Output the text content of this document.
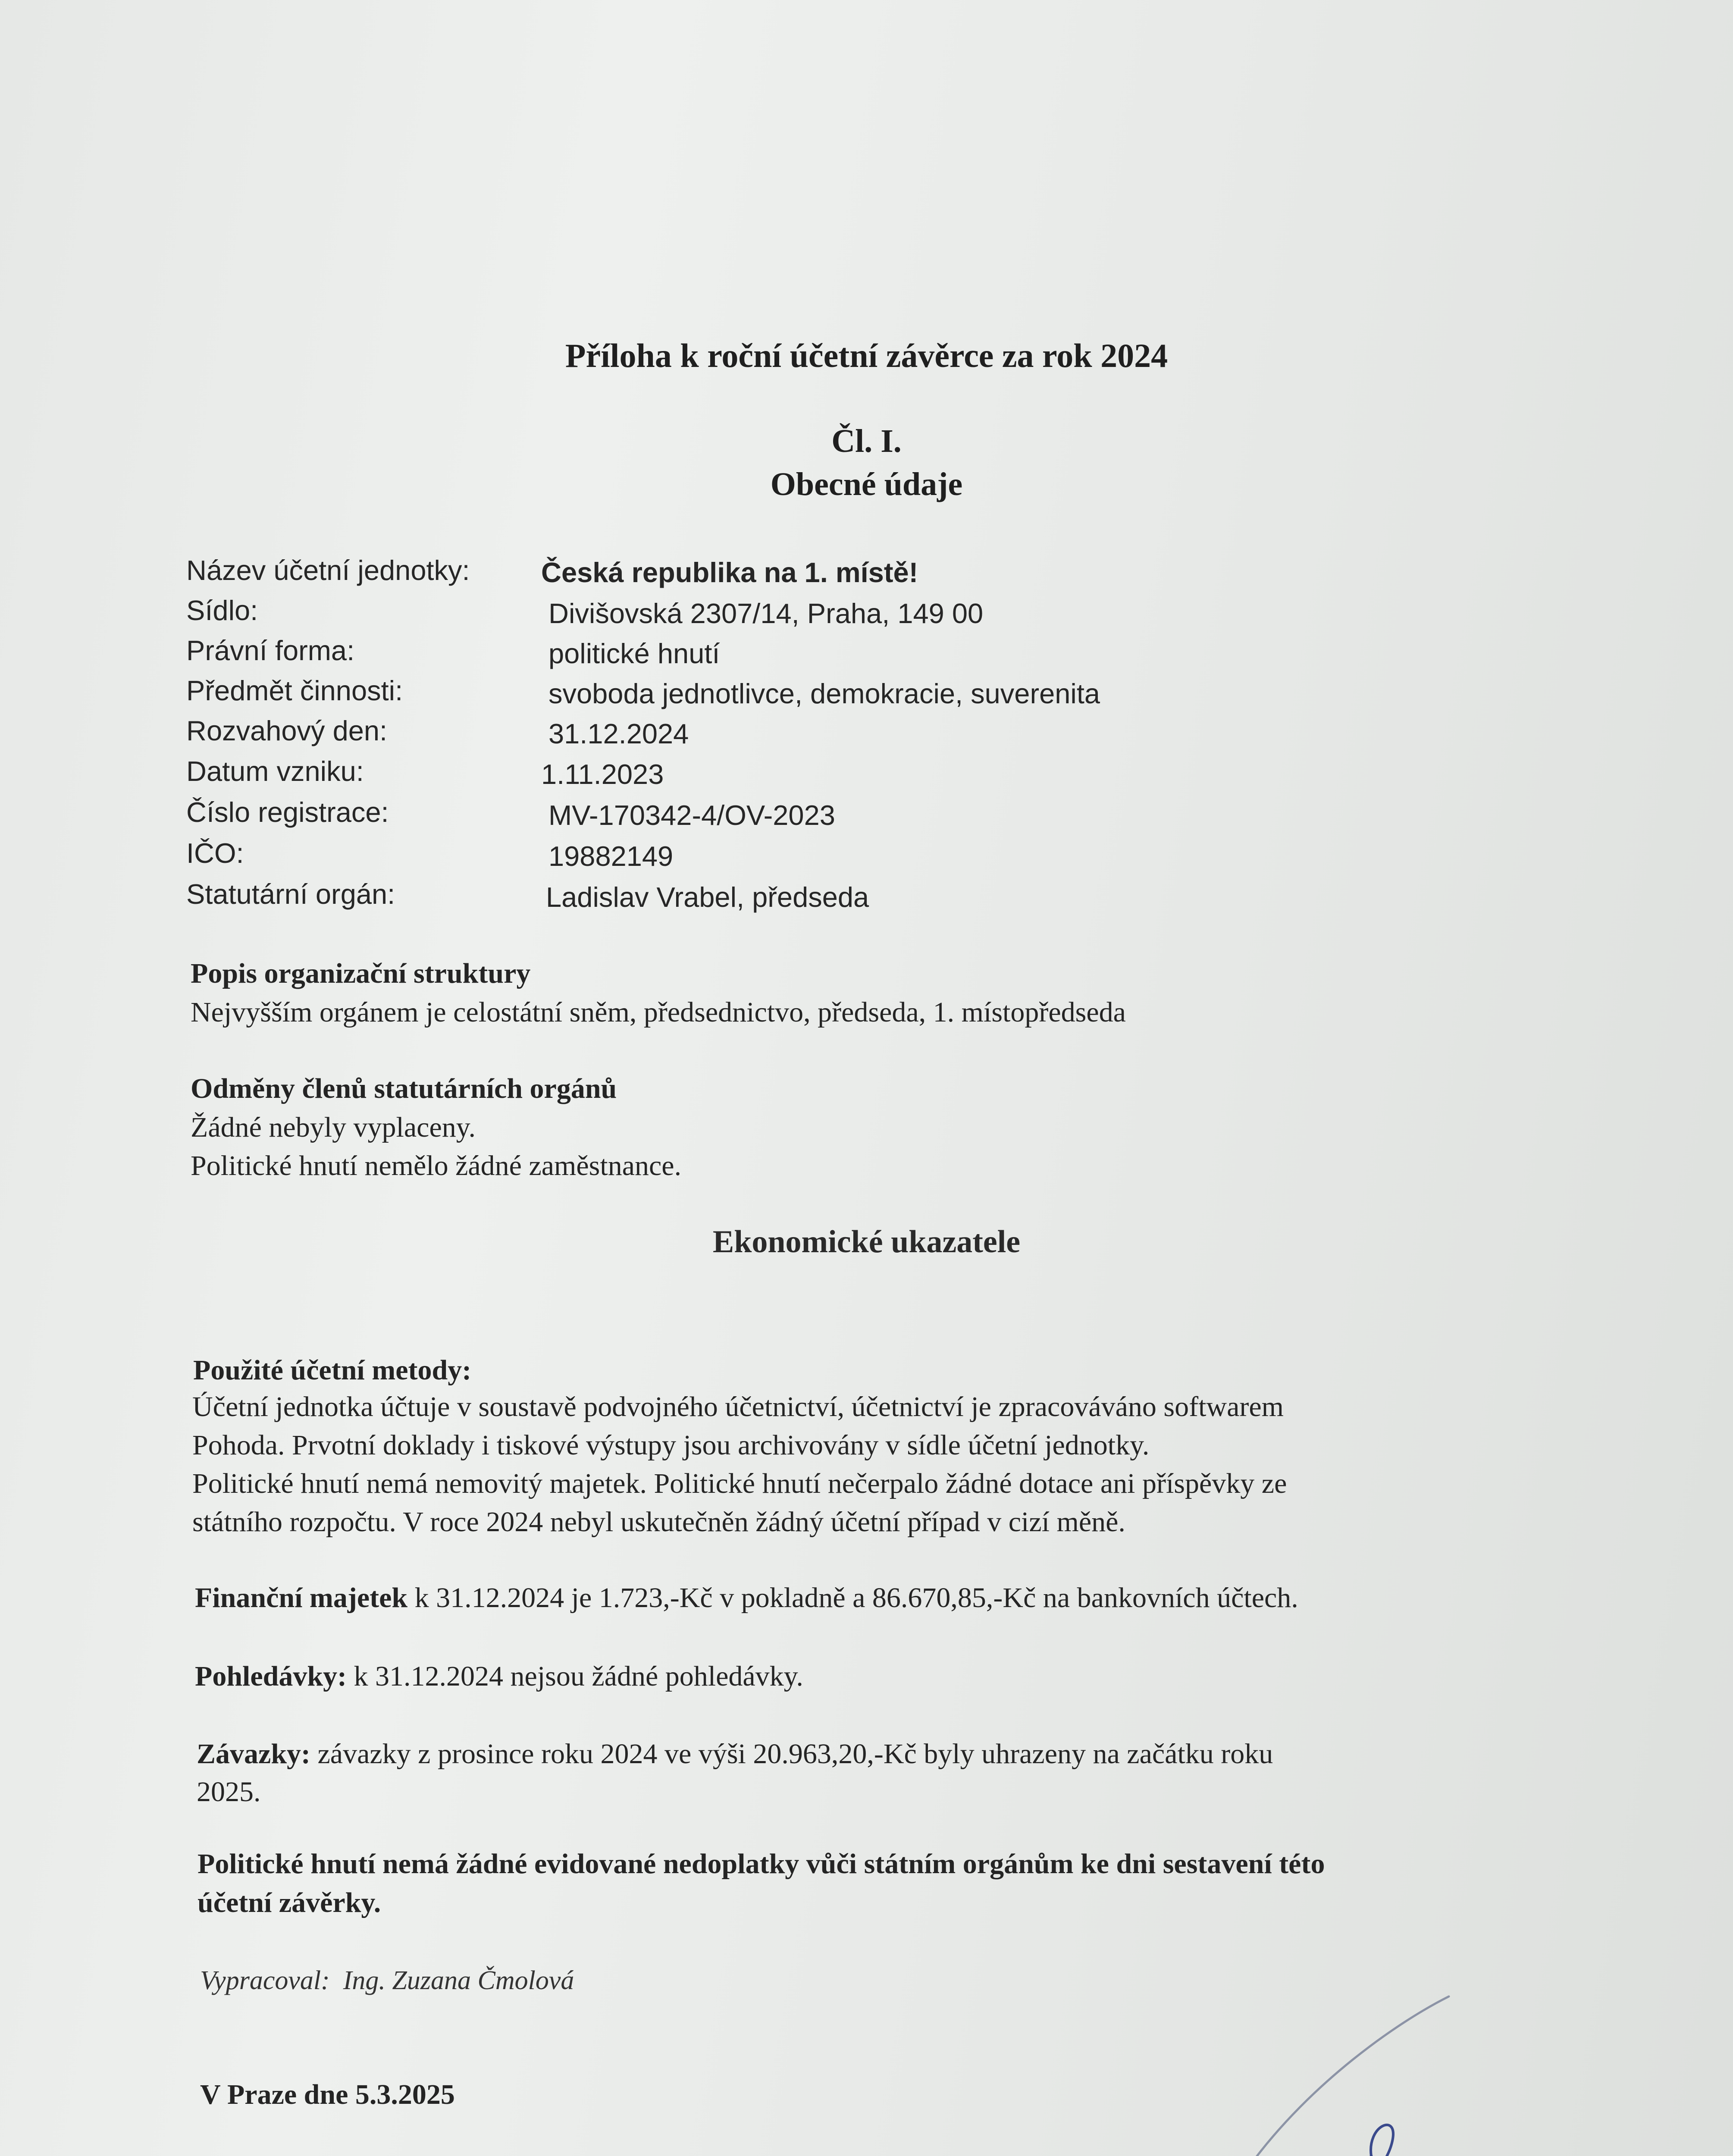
Příloha k roční účetní závěrce za rok 2024
Čl. I.
Obecné údaje
Název účetní jednotky:	Česká republika na 1. místě!
Sídlo:	Divišovská 2307/14, Praha, 149 00
Právní forma:	politické hnutí
Předmět činnosti:	svoboda jednotlivce, demokracie, suverenita
Rozvahový den:	31.12.2024
Datum vzniku:	1.11.2023
Číslo registrace:	MV-170342-4/OV-2023
IČO:	19882149
Statutární orgán:	Ladislav Vrabel, předseda
Popis organizační struktury
Nejvyšším orgánem je celostátní sněm, předsednictvo, předseda, 1. místopředseda
Odměny členů statutárních orgánů
Žádné nebyly vyplaceny.
Politické hnutí nemělo žádné zaměstnance.
Ekonomické ukazatele
Použité účetní metody:
Účetní jednotka účtuje v soustavě podvojného účetnictví, účetnictví je zpracováváno softwarem
Pohoda. Prvotní doklady i tiskové výstupy jsou archivovány v sídle účetní jednotky.
Politické hnutí nemá nemovitý majetek. Politické hnutí nečerpalo žádné dotace ani příspěvky ze
státního rozpočtu. V roce 2024 nebyl uskutečněn žádný účetní případ v cizí měně.
Finanční majetek k 31.12.2024 je 1.723,-Kč v pokladně a 86.670,85,-Kč na bankovních účtech.
Pohledávky: k 31.12.2024 nejsou žádné pohledávky.
Závazky: závazky z prosince roku 2024 ve výši 20.963,20,-Kč byly uhrazeny na začátku roku
2025.
Politické hnutí nemá žádné evidované nedoplatky vůči státním orgánům ke dni sestavení této
účetní závěrky.
Vypracoval: Ing. Zuzana Čmolová
V Praze dne 5.3.2025
